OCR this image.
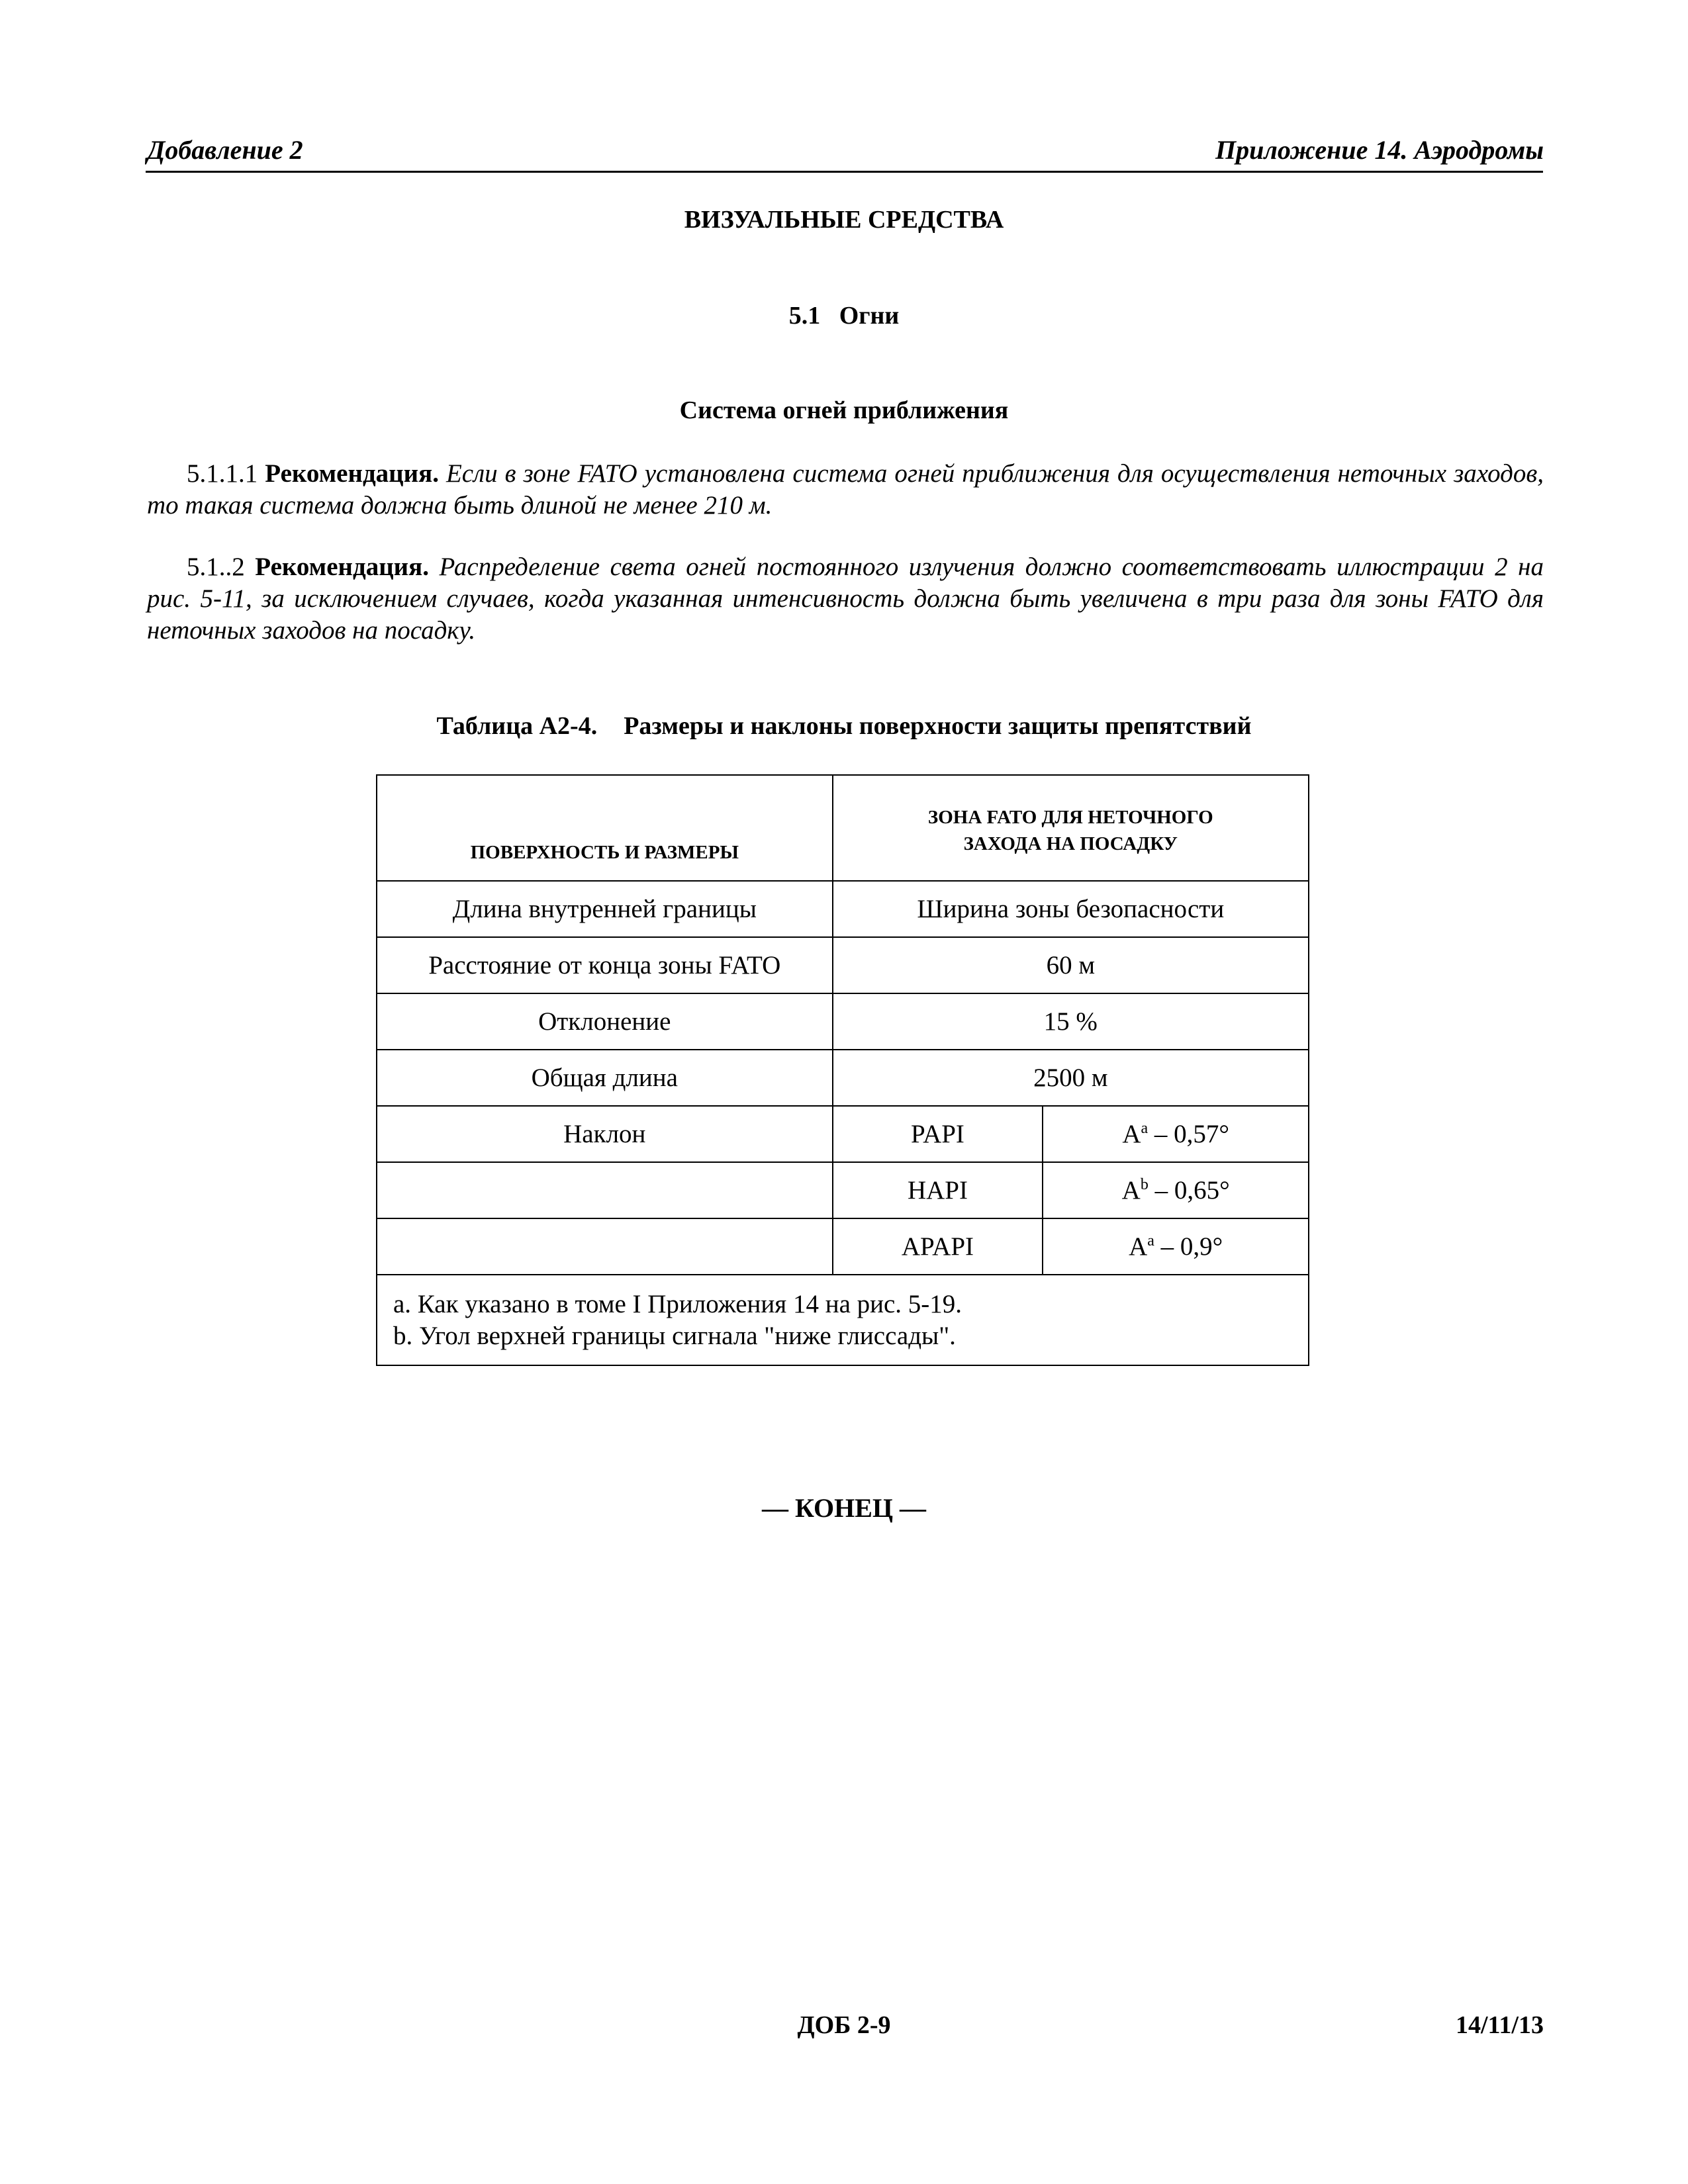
Добавление 2	Приложение 14. Аэродромы
ВИЗУАЛЬНЫЕ СРЕДСТВА
5.1   Огни
Система огней приближения
5.1.1.1 Рекомендация. Если в зоне FATO установлена система огней приближения для осуществления неточных заходов, то такая система должна быть длиной не менее 210 м.
5.1..2 Рекомендация. Распределение света огней постоянного излучения должно соответствовать иллюстрации 2 на рис. 5-11, за исключением случаев, когда указанная интенсивность должна быть увеличена в три раза для зоны FATO для неточных заходов на посадку.
Таблица А2-4. Размеры и наклоны поверхности защиты препятствий
ПОВЕРХНОСТЬ И РАЗМЕРЫ	ЗОНА FATO ДЛЯ НЕТОЧНОГО ЗАХОДА НА ПОСАДКУ	

Длина внутренней границы	Ширина зоны безопасности	
Расстояние от конца зоны FATO	60 м	
Отклонение	15 %	
Общая длина	2500 м	
Наклон	PAPI	$A^a - 0,57^\circ$
	HAPI	$A^b - 0,65^\circ$
	APAPI	$A^a - 0,9^\circ$

a. Как указано в томе I Приложения 14 на рис. 5-19.
b. Угол верхней границы сигнала "ниже глиссады".		
— КОНЕЦ —
ДОБ 2-9	14/11/13
